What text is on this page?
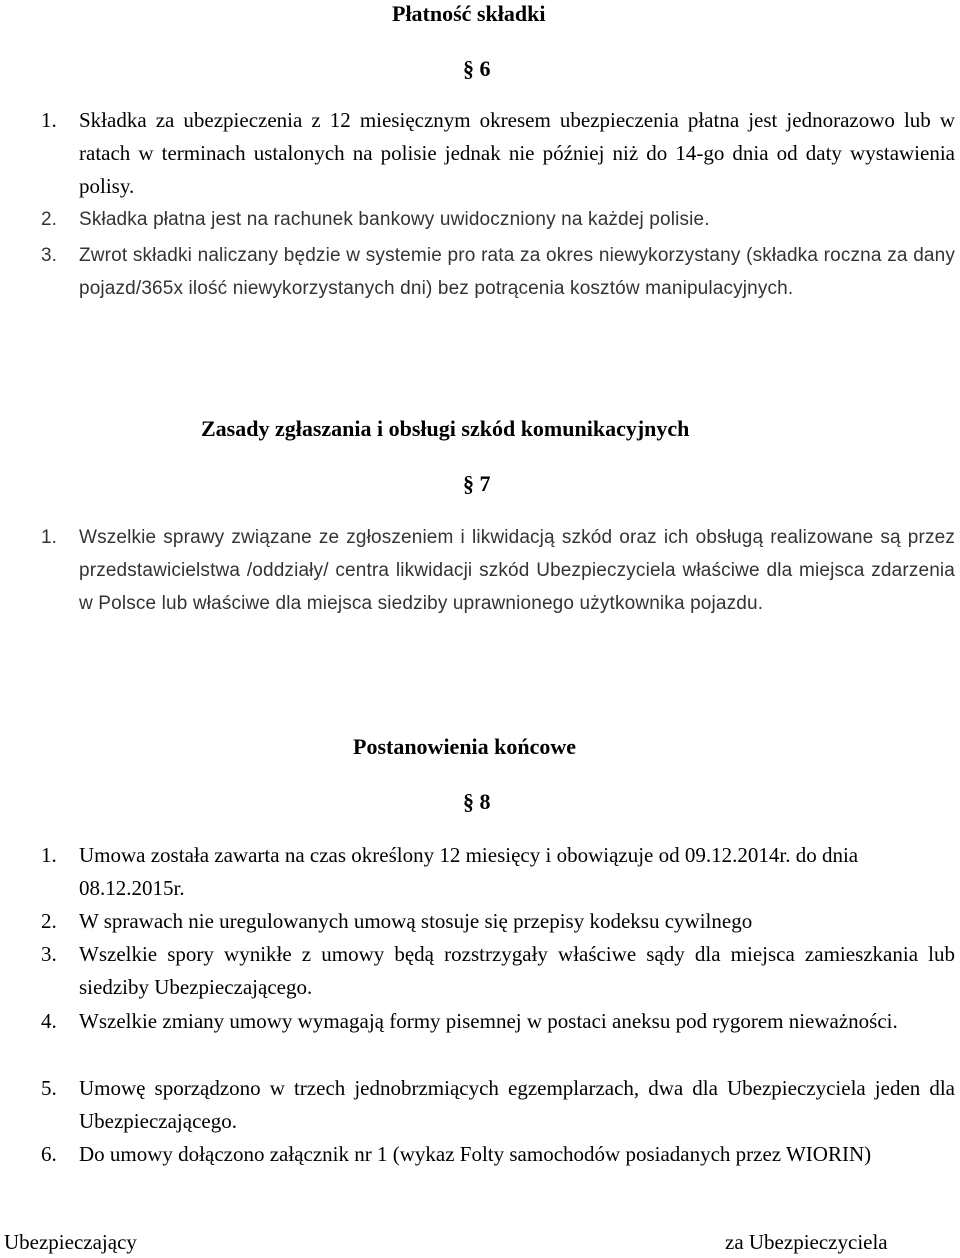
Płatność składki
§ 6
1. Składka za ubezpieczenia z 12 miesięcznym okresem ubezpieczenia płatna jest jednorazowo lub w ratach w terminach ustalonych na polisie jednak nie później niż do 14-go dnia od daty wystawienia polisy.
2. Składka płatna jest na rachunek bankowy uwidoczniony na każdej polisie.
3. Zwrot składki naliczany będzie w systemie pro rata za okres niewykorzystany (składka roczna za dany pojazd/365x ilość niewykorzystanych dni) bez potrącenia kosztów manipulacyjnych.
Zasady zgłaszania i obsługi szkód komunikacyjnych
§ 7
1. Wszelkie sprawy związane ze zgłoszeniem i likwidacją szkód oraz ich obsługą realizowane są przez przedstawicielstwa /oddziały/ centra likwidacji szkód Ubezpieczyciela właściwe dla miejsca zdarzenia w Polsce lub właściwe dla miejsca siedziby uprawnionego użytkownika pojazdu.
Postanowienia końcowe
§ 8
1. Umowa została zawarta na czas określony 12 miesięcy i obowiązuje od 09.12.2014r. do dnia 08.12.2015r.
2. W sprawach nie uregulowanych umową stosuje się przepisy kodeksu cywilnego
3. Wszelkie spory wynikłe z umowy będą rozstrzygały właściwe sądy dla miejsca zamieszkania lub siedziby Ubezpieczającego.
4. Wszelkie zmiany umowy wymagają formy pisemnej w postaci aneksu pod rygorem nieważności.
5. Umowę sporządzono w trzech jednobrzmiących egzemplarzach, dwa dla Ubezpieczyciela jeden dla Ubezpieczającego.
6. Do umowy dołączono załącznik nr 1 (wykaz Folty samochodów posiadanych przez WIORIN)
Ubezpieczający	za Ubezpieczyciela
